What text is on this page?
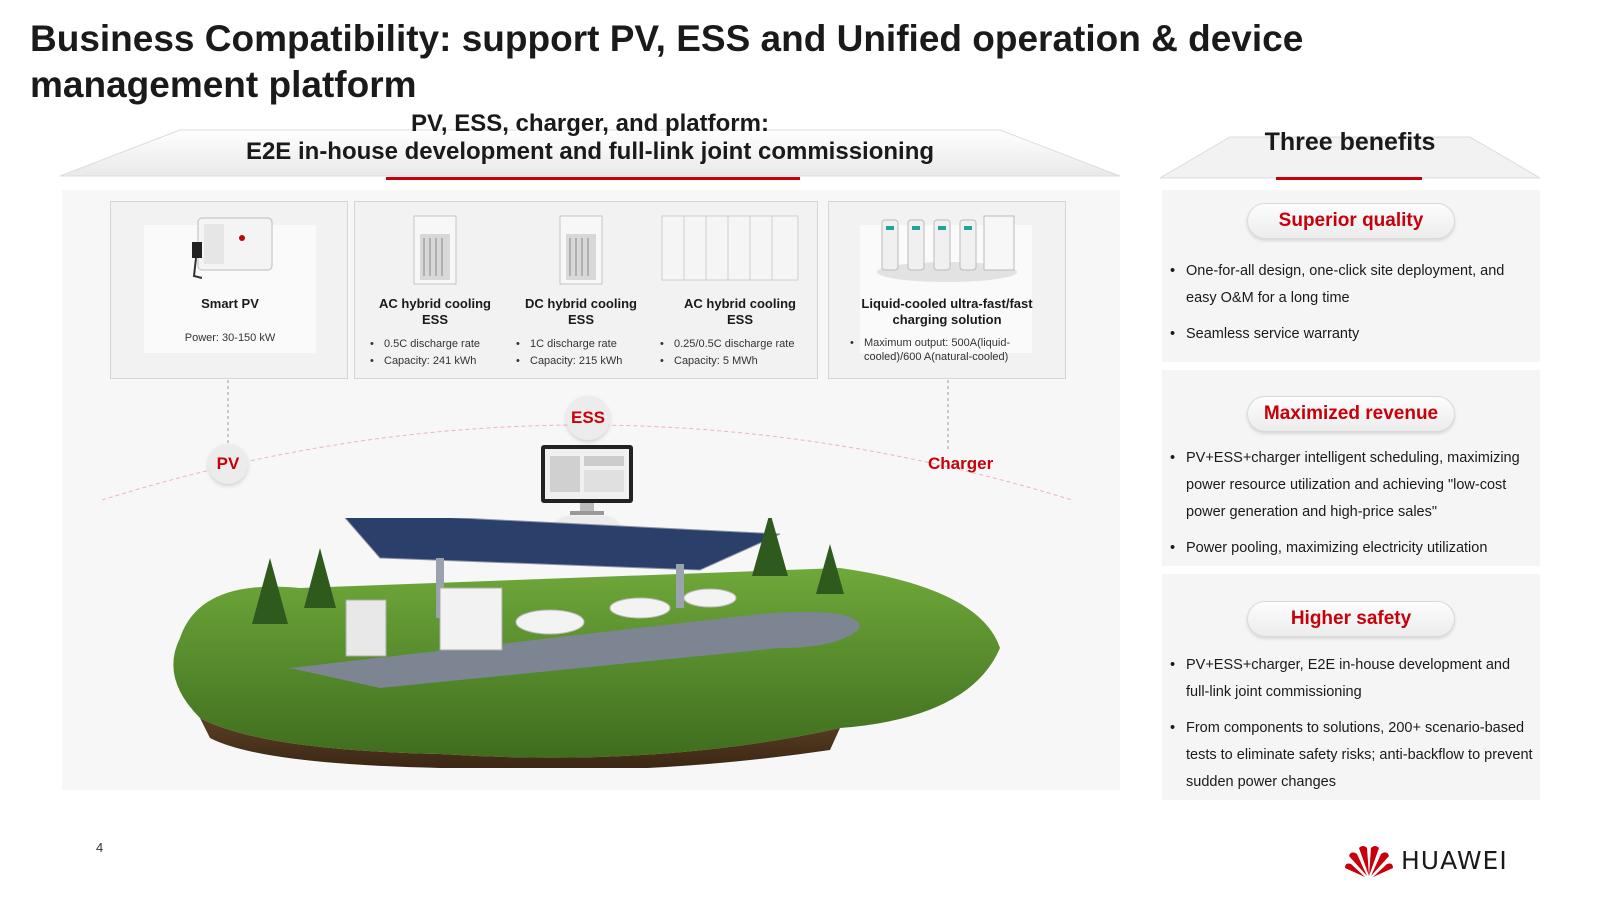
Business Compatibility: support PV, ESS and Unified operation & device management platform
PV, ESS, charger, and platform:
E2E in-house development and full-link joint commissioning
Smart PV
Power: 30-150 kW
AC hybrid cooling ESS
• 0.5C discharge rate
• Capacity: 241 kWh
DC hybrid cooling ESS
• 1C discharge rate
• Capacity: 215 kWh
AC hybrid cooling ESS
• 0.25/0.5C discharge rate
• Capacity: 5 MWh
Liquid-cooled ultra-fast/fast charging solution
• Maximum output: 500A(liquid-cooled)/600 A(natural-cooled)
PV
ESS
Charger
Three benefits
Superior quality
• One-for-all design, one-click site deployment, and easy O&M for a long time
• Seamless service warranty
Maximized revenue
• PV+ESS+charger intelligent scheduling, maximizing power resource utilization and achieving "low-cost power generation and high-price sales"
• Power pooling, maximizing electricity utilization
Higher safety
• PV+ESS+charger, E2E in-house development and full-link joint commissioning
• From components to solutions, 200+ scenario-based tests to eliminate safety risks; anti-backflow to prevent sudden power changes
4	HUAWEI
